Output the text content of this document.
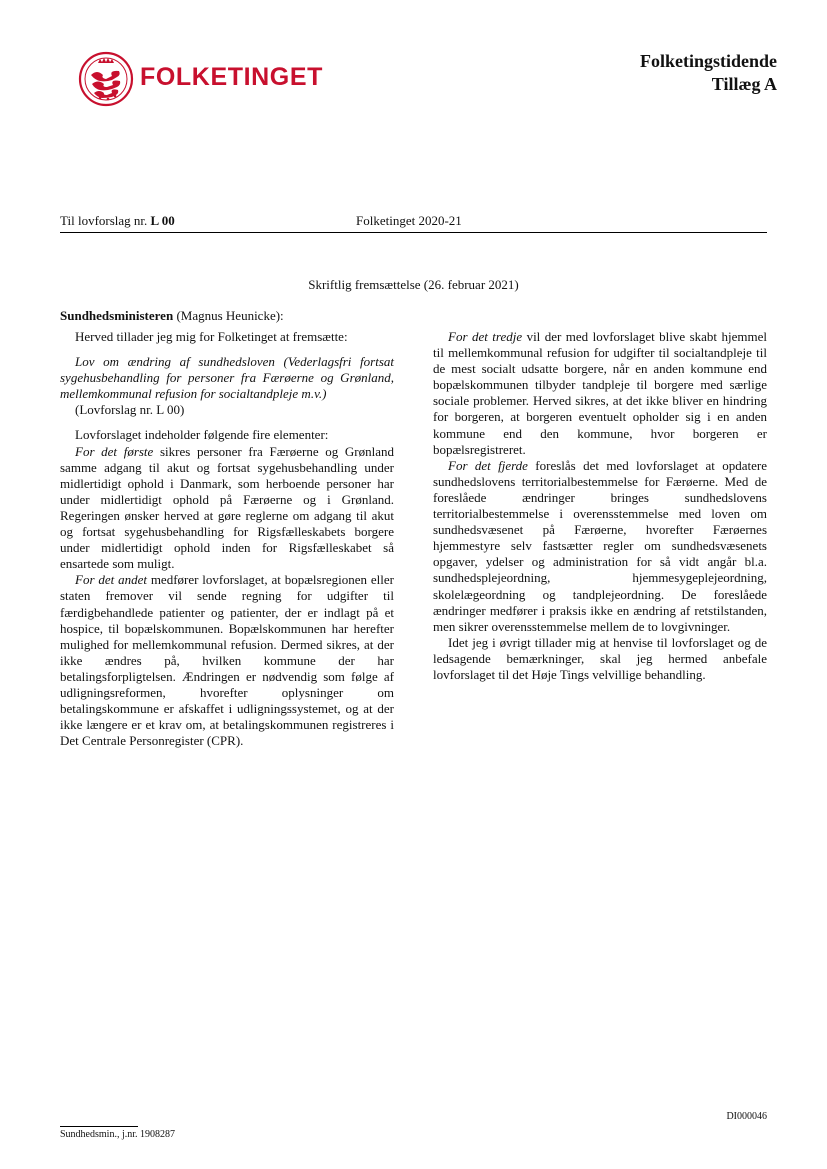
FOLKETINGET
Folketingstidende
Tillæg A
Til lovforslag nr. L 00	Folketinget 2020-21
Skriftlig fremsættelse (26. februar 2021)
Sundhedsministeren (Magnus Heunicke):

Herved tillader jeg mig for Folketinget at fremsætte:

Lov om ændring af sundhedsloven (Vederlagsfri fortsat sygehusbehandling for personer fra Færøerne og Grønland, mellemkommunal refusion for socialtandpleje m.v.)

(Lovforslag nr. L 00)

Lovforslaget indeholder følgende fire elementer:

For det første sikres personer fra Færøerne og Grønland samme adgang til akut og fortsat sygehusbehandling under midlertidigt ophold i Danmark, som herboende personer har under midlertidigt ophold på Færøerne og i Grønland. Regeringen ønsker herved at gøre reglerne om adgang til akut og fortsat sygehusbehandling for Rigsfælleskabets borgere under midlertidigt ophold inden for Rigsfælleskabet så ensartede som muligt.

For det andet medfører lovforslaget, at bopælsregionen eller staten fremover vil sende regning for udgifter til færdigbehandlede patienter og patienter, der er indlagt på et hospice, til bopælskommunen. Bopælskommunen har herefter mulighed for mellemkommunal refusion. Dermed sikres, at der ikke ændres på, hvilken kommune der har betalingsforpligtelsen. Ændringen er nødvendig som følge af udligningsreformen, hvorefter oplysninger om betalingskommune er afskaffet i udligningssystemet, og at der ikke længere er et krav om, at betalingskommunen registreres i Det Centrale Personregister (CPR).

For det tredje vil der med lovforslaget blive skabt hjemmel til mellemkommunal refusion for udgifter til socialtandpleje til de mest socialt udsatte borgere, når en anden kommune end bopælskommunen tilbyder tandpleje til borgere med særlige sociale problemer. Herved sikres, at det ikke bliver en hindring for borgeren, at borgeren eventuelt opholder sig i en anden kommune end den kommune, hvor borgeren er bopælsregistreret.

For det fjerde foreslås det med lovforslaget at opdatere sundhedslovens territorialbestemmelse for Færøerne. Med de foreslåede ændringer bringes sundhedslovens territorialbestemmelse i overensstemmelse med loven om sundhedsvæsenet på Færøerne, hvorefter Færøernes hjemmestyre selv fastsætter regler om sundhedsvæsenets opgaver, ydelser og administration for så vidt angår bl.a. sundhedsplejeordning, hjemmesygeplejeordning, skolelægeordning og tandplejeordning. De foreslåede ændringer medfører i praksis ikke en ændring af retstilstanden, men sikrer overensstemmelse mellem de to lovgivninger.

Idet jeg i øvrigt tillader mig at henvise til lovforslaget og de ledsagende bemærkninger, skal jeg hermed anbefale lovforslaget til det Høje Tings velvillige behandling.

DI000046
Sundhedsmin., j.nr. 1908287
